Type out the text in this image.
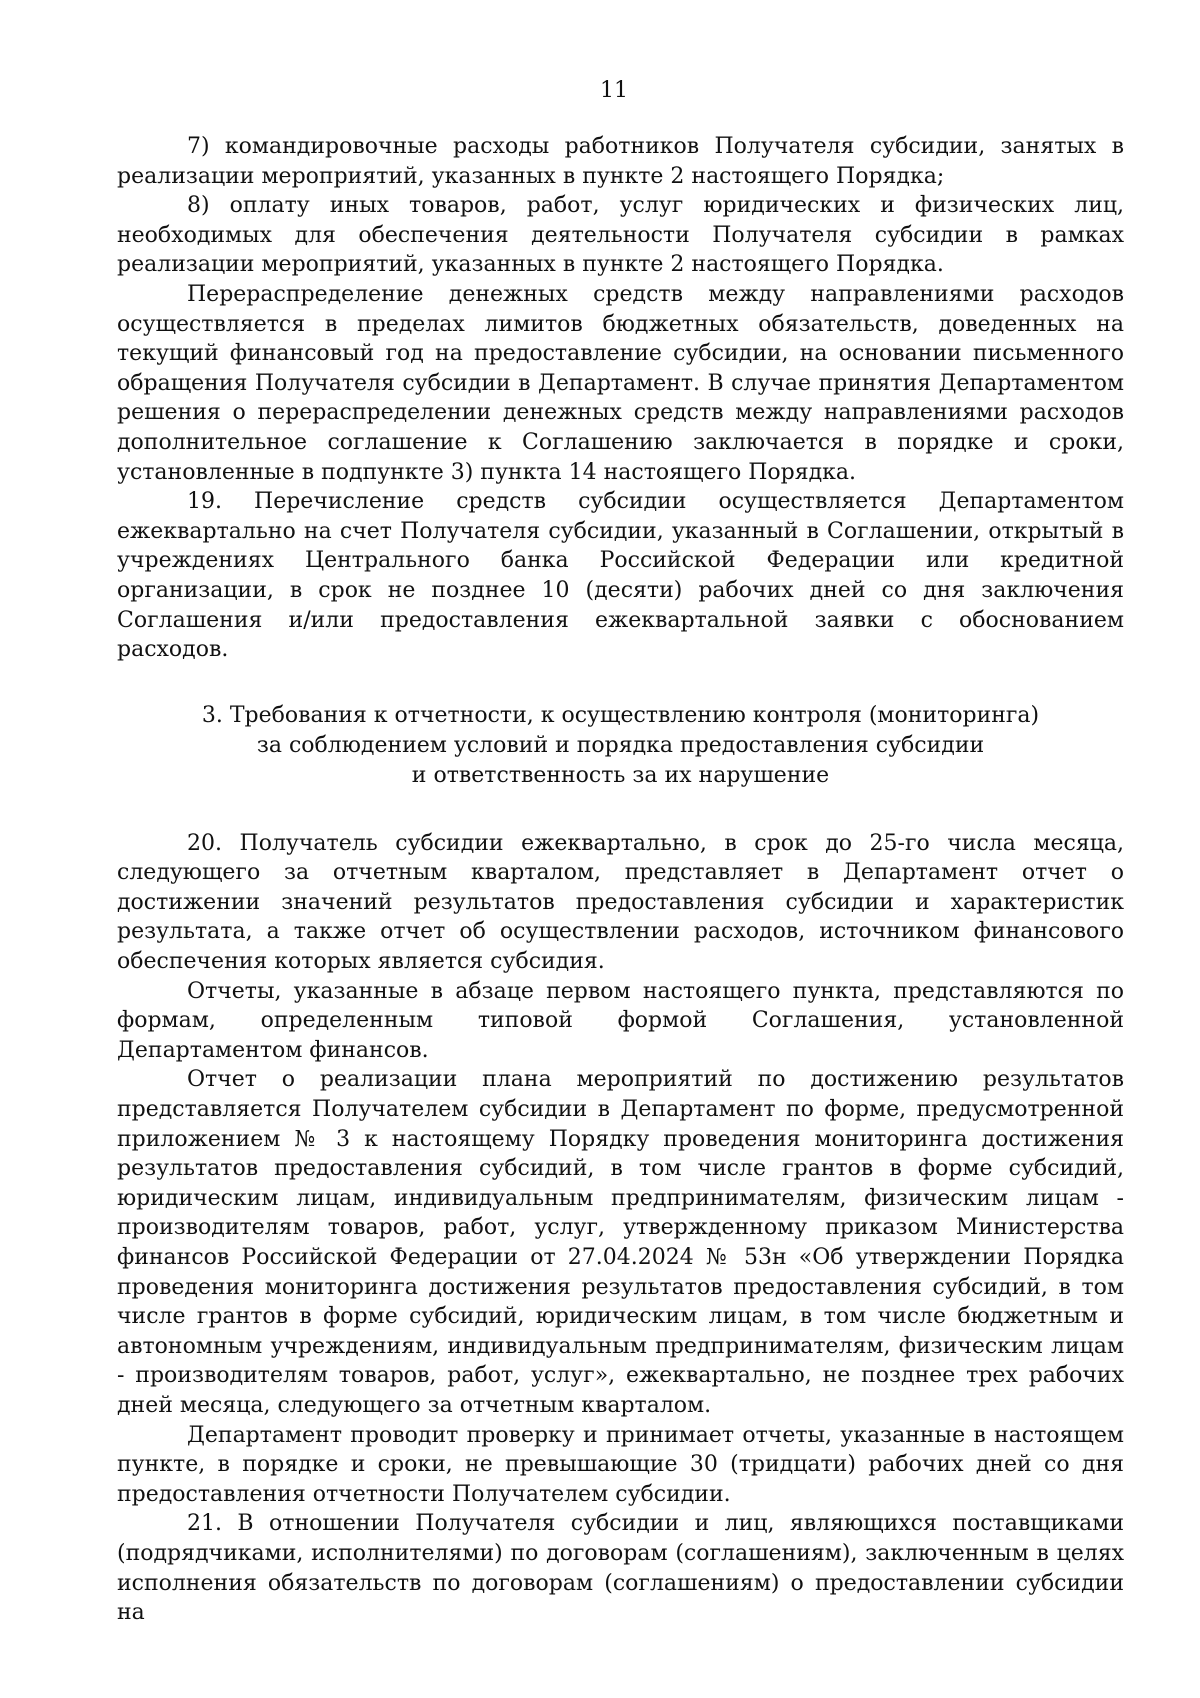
11

7) командировочные расходы работников Получателя субсидии, занятых в реализации мероприятий, указанных в пункте 2 настоящего Порядка;

8) оплату иных товаров, работ, услуг юридических и физических лиц, необходимых для обеспечения деятельности Получателя субсидии в рамках реализации мероприятий, указанных в пункте 2 настоящего Порядка.

Перераспределение денежных средств между направлениями расходов осуществляется в пределах лимитов бюджетных обязательств, доведенных на текущий финансовый год на предоставление субсидии, на основании письменного обращения Получателя субсидии в Департамент. В случае принятия Департаментом решения о перераспределении денежных средств между направлениями расходов дополнительное соглашение к Соглашению заключается в порядке и сроки, установленные в подпункте 3) пункта 14 настоящего Порядка.

19. Перечисление средств субсидии осуществляется Департаментом ежеквартально на счет Получателя субсидии, указанный в Соглашении, открытый в учреждениях Центрального банка Российской Федерации или кредитной организации, в срок не позднее 10 (десяти) рабочих дней со дня заключения Соглашения и/или предоставления ежеквартальной заявки с обоснованием расходов.

3. Требования к отчетности, к осуществлению контроля (мониторинга)
за соблюдением условий и порядка предоставления субсидии
и ответственность за их нарушение

20. Получатель субсидии ежеквартально, в срок до 25-го числа месяца, следующего за отчетным кварталом, представляет в Департамент отчет о достижении значений результатов предоставления субсидии и характеристик результата, а также отчет об осуществлении расходов, источником финансового обеспечения которых является субсидия.

Отчеты, указанные в абзаце первом настоящего пункта, представляются по формам, определенным типовой формой Соглашения, установленной Департаментом финансов.

Отчет о реализации плана мероприятий по достижению результатов представляется Получателем субсидии в Департамент по форме, предусмотренной приложением № 3 к настоящему Порядку проведения мониторинга достижения результатов предоставления субсидий, в том числе грантов в форме субсидий, юридическим лицам, индивидуальным предпринимателям, физическим лицам - производителям товаров, работ, услуг, утвержденному приказом Министерства финансов Российской Федерации от 27.04.2024 № 53н «Об утверждении Порядка проведения мониторинга достижения результатов предоставления субсидий, в том числе грантов в форме субсидий, юридическим лицам, в том числе бюджетным и автономным учреждениям, индивидуальным предпринимателям, физическим лицам - производителям товаров, работ, услуг», ежеквартально, не позднее трех рабочих дней месяца, следующего за отчетным кварталом.

Департамент проводит проверку и принимает отчеты, указанные в настоящем пункте, в порядке и сроки, не превышающие 30 (тридцати) рабочих дней со дня предоставления отчетности Получателем субсидии.

21. В отношении Получателя субсидии и лиц, являющихся поставщиками (подрядчиками, исполнителями) по договорам (соглашениям), заключенным в целях исполнения обязательств по договорам (соглашениям) о предоставлении субсидии на
